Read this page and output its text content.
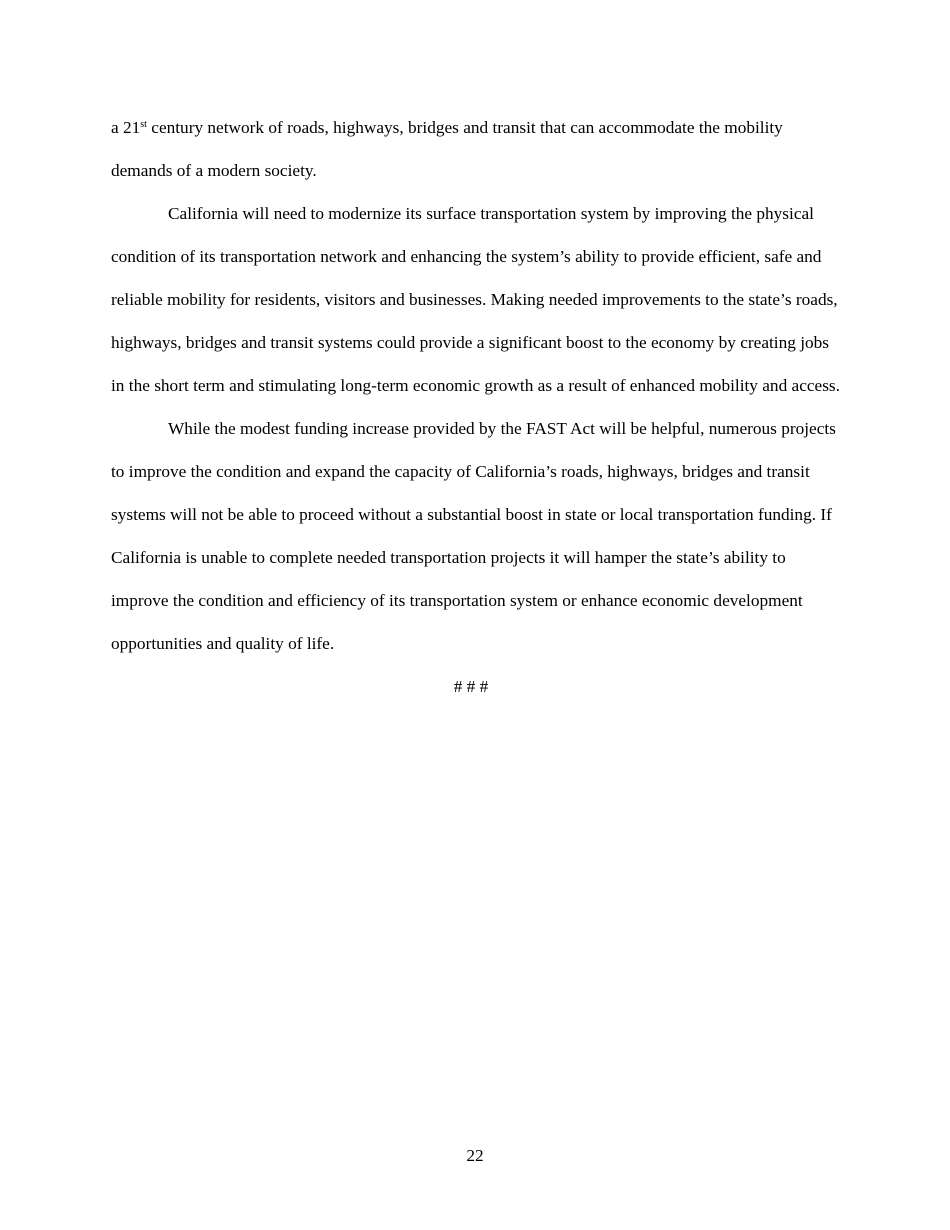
a 21st century network of roads, highways, bridges and transit that can accommodate the mobility demands of a modern society.

California will need to modernize its surface transportation system by improving the physical condition of its transportation network and enhancing the system’s ability to provide efficient, safe and reliable mobility for residents, visitors and businesses. Making needed improvements to the state’s roads, highways, bridges and transit systems could provide a significant boost to the economy by creating jobs in the short term and stimulating long-term economic growth as a result of enhanced mobility and access.

While the modest funding increase provided by the FAST Act will be helpful, numerous projects to improve the condition and expand the capacity of California’s roads, highways, bridges and transit systems will not be able to proceed without a substantial boost in state or local transportation funding. If California is unable to complete needed transportation projects it will hamper the state’s ability to improve the condition and efficiency of its transportation system or enhance economic development opportunities and quality of life.

# # #

22
